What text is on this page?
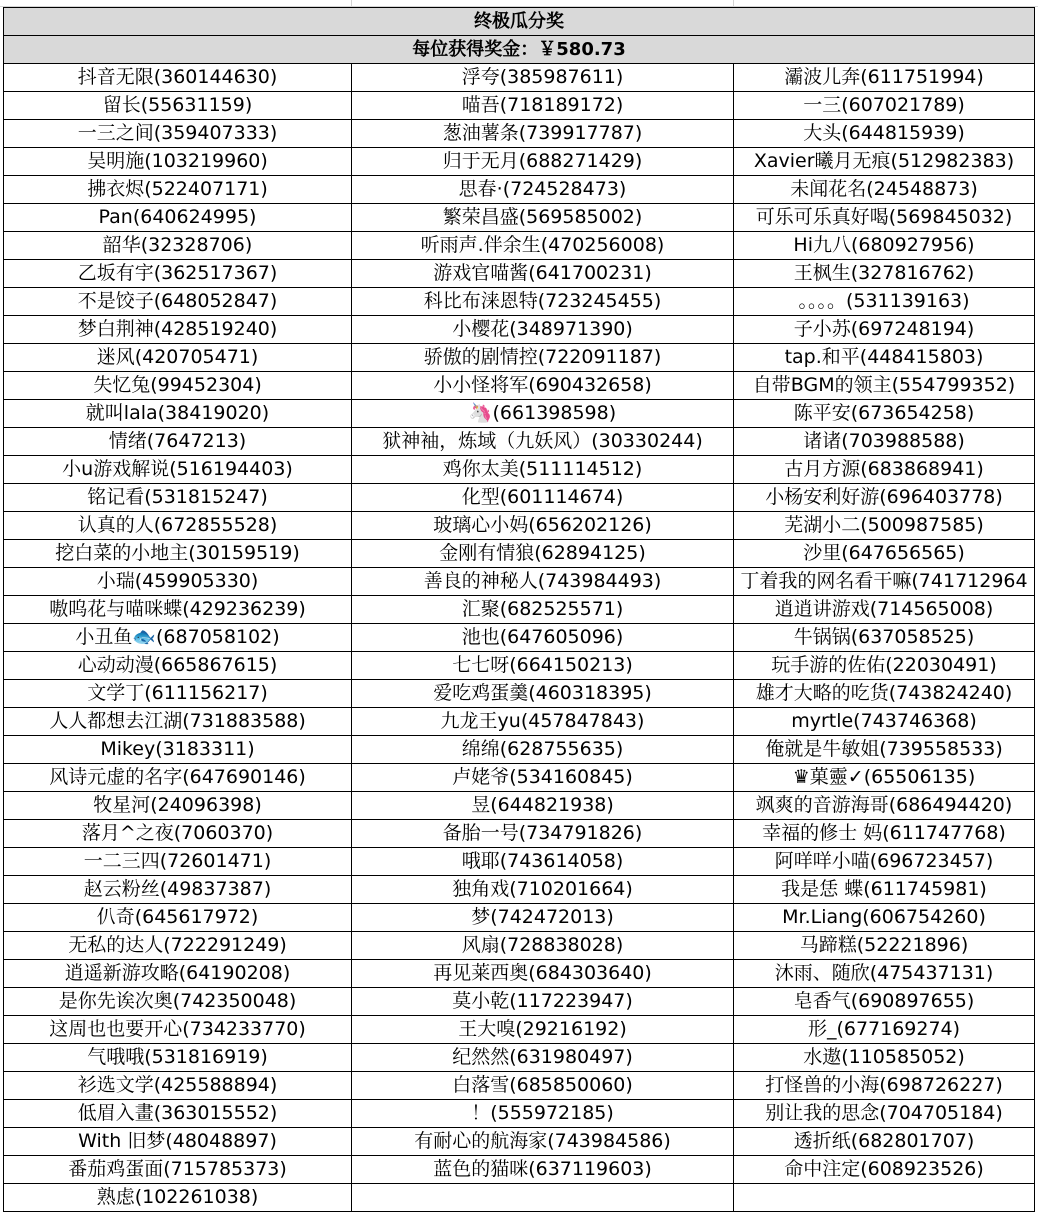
终极瓜分奖		
每位获得奖金：￥580.73		
抖音无限(360144630)	浮夸(385987611)	灞波儿奔(611751994)
留长(55631159)	喵吾(718189172)	一三(607021789)
一三之间(359407333)	葱油薯条(739917787)	大头(644815939)
吴明施(103219960)	归于无月(688271429)	Xavier曦月无痕(512982383)
拂衣烬(522407171)	思春·(724528473)	未闻花名(24548873)
Pan(640624995)	繁荣昌盛(569585002)	可乐可乐真好喝(569845032)
韶华(32328706)	听雨声.伴余生(470256008)	Hi九八(680927956)
乙坂有宇(362517367)	游戏官喵酱(641700231)	王枫生(327816762)
不是饺子(648052847)	科比布涞恩特(723245455)	。。。。(531139163)
梦白荆神(428519240)	小樱花(348971390)	子小苏(697248194)
迷风(420705471)	骄傲的剧情控(722091187)	tap.和平(448415803)
失忆兔(99452304)	小小怪将军(690432658)	自带BGM的领主(554799352)
就叫lala(38419020)	🦄(661398598)	陈平安(673654258)
情绪(7647213)	狱神袖，炼域（九妖风）(30330244)	诸诸(703988588)
小u游戏解说(516194403)	鸡你太美(511114512)	古月方源(683868941)
铭记看(531815247)	化型(601114674)	小杨安利好游(696403778)
认真的人(672855528)	玻璃心小妈(656202126)	芜湖小二(500987585)
挖白菜的小地主(30159519)	金刚有情狼(62894125)	沙里(647656565)
小瑞(459905330)	善良的神秘人(743984493)	丁着我的网名看干嘛(741712964
嗷呜花与喵咪蝶(429236239)	汇聚(682525571)	逍逍讲游戏(714565008)
小丑鱼🐟(687058102)	池也(647605096)	牛锅锅(637058525)
心动动漫(665867615)	七七呀(664150213)	玩手游的佐佑(22030491)
文学丁(611156217)	爱吃鸡蛋羹(460318395)	雄才大略的吃货(743824240)
人人都想去江湖(731883588)	九龙王yu(457847843)	myrtle(743746368)
Mikey(3183311)	绵绵(628755635)	俺就是牛敏姐(739558533)
风诗元虚的名字(647690146)	卢姥爷(534160845)	♛菓靈✓(65506135)
牧星河(24096398)	昱(644821938)	飒爽的音游海哥(686494420)
落月^之夜(7060370)	备胎一号(734791826)	幸福的修士 妈(611747768)
一二三四(72601471)	哦耶(743614058)	阿咩咩小喵(696723457)
赵云粉丝(49837387)	独角戏(710201664)	我是恁 蝶(611745981)
仈奇(645617972)	梦(742472013)	Mr.Liang(606754260)
无私的达人(722291249)	风扇(728838028)	马蹄糕(52221896)
逍遥新游攻略(64190208)	再见莱西奥(684303640)	沐雨、随欣(475437131)
是你先诶次奥(742350048)	莫小乾(117223947)	皂香气(690897655)
这周也也要开心(734233770)	王大嗅(29216192)	形_(677169274)
气哦哦(531816919)	纪然然(631980497)	水遨(110585052)
衫选文学(425588894)	白落雪(685850060)	打怪兽的小海(698726227)
低眉入畫(363015552)	！(555972185)	别让我的思念(704705184)
With 旧梦(48048897)	有耐心的航海家(743984586)	透折纸(682801707)
番茄鸡蛋面(715785373)	蓝色的猫咪(637119603)	命中注定(608923526)
熟虑(102261038)		
